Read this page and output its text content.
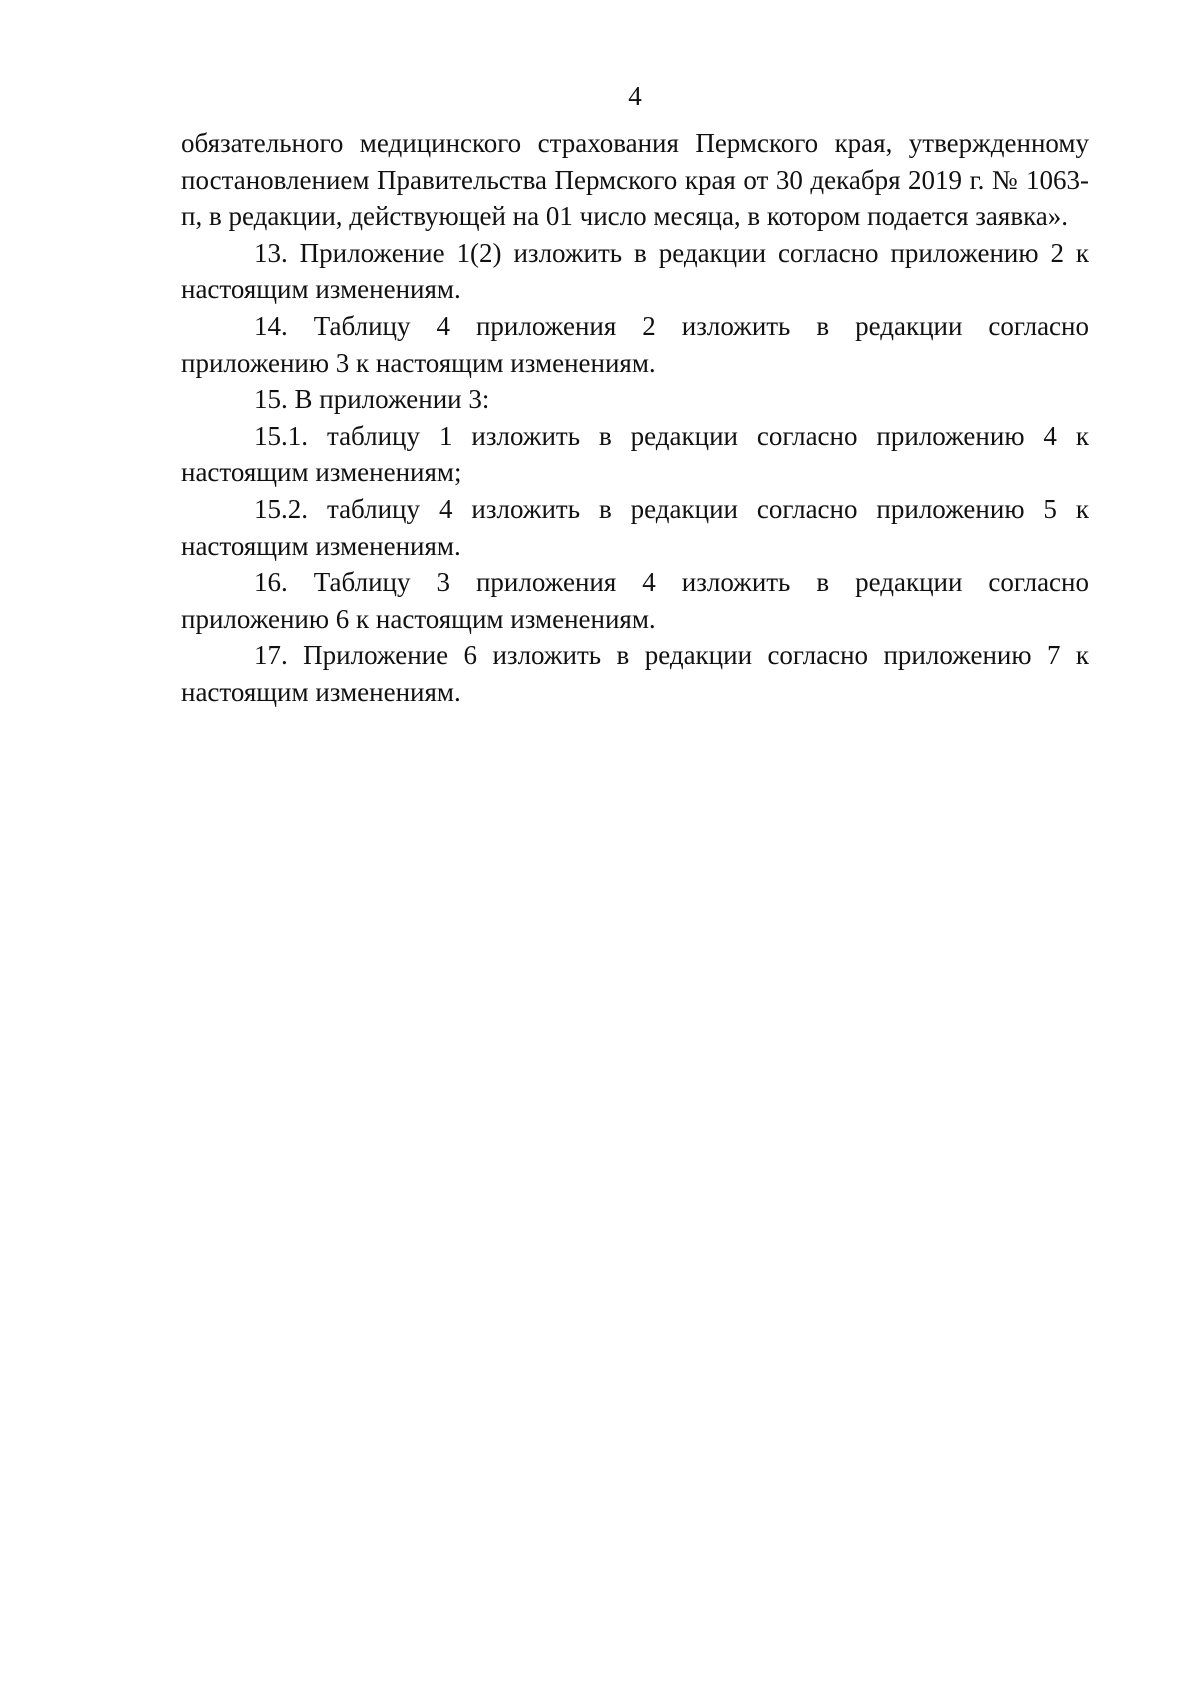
4

обязательного медицинского страхования Пермского края, утвержденному постановлением Правительства Пермского края от 30 декабря 2019 г. № 1063-п, в редакции, действующей на 01 число месяца, в котором подается заявка».

13. Приложение 1(2) изложить в редакции согласно приложению 2 к настоящим изменениям.

14. Таблицу 4 приложения 2 изложить в редакции согласно приложению 3 к настоящим изменениям.

15. В приложении 3:

15.1. таблицу 1 изложить в редакции согласно приложению 4 к настоящим изменениям;

15.2. таблицу 4 изложить в редакции согласно приложению 5 к настоящим изменениям.

16. Таблицу 3 приложения 4 изложить в редакции согласно приложению 6 к настоящим изменениям.

17. Приложение 6 изложить в редакции согласно приложению 7 к настоящим изменениям.
